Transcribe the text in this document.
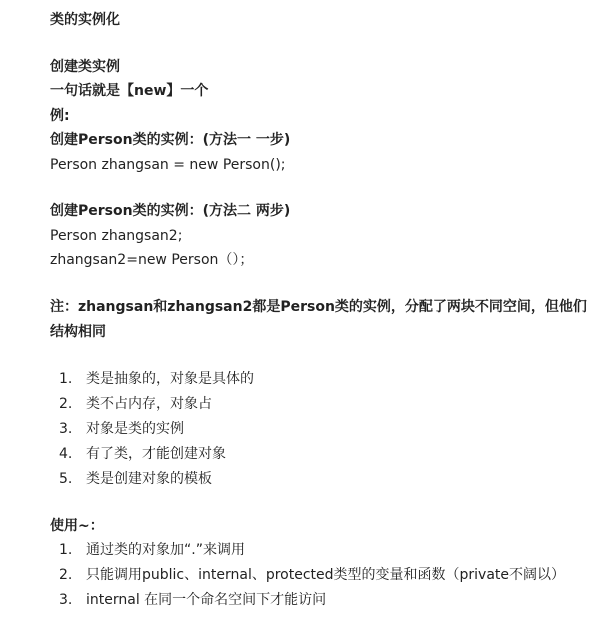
类的实例化
创建类实例
一句话就是【new】一个
例:
创建Person类的实例：(方法一 一步)
Person zhangsan = new Person();
创建Person类的实例：(方法二 两步)
Person zhangsan2;
zhangsan2=new Person（）；
注：zhangsan和zhangsan2都是Person类的实例，分配了两块不同空间，但他们结构相同
1. 类是抽象的，对象是具体的
2. 类不占内存，对象占
3. 对象是类的实例
4. 有了类，才能创建对象
5. 类是创建对象的模板
使用~：
1. 通过类的对象加“.”来调用
2. 只能调用public、internal、protected类型的变量和函数（private不阔以）
3. internal 在同一个命名空间下才能访问
